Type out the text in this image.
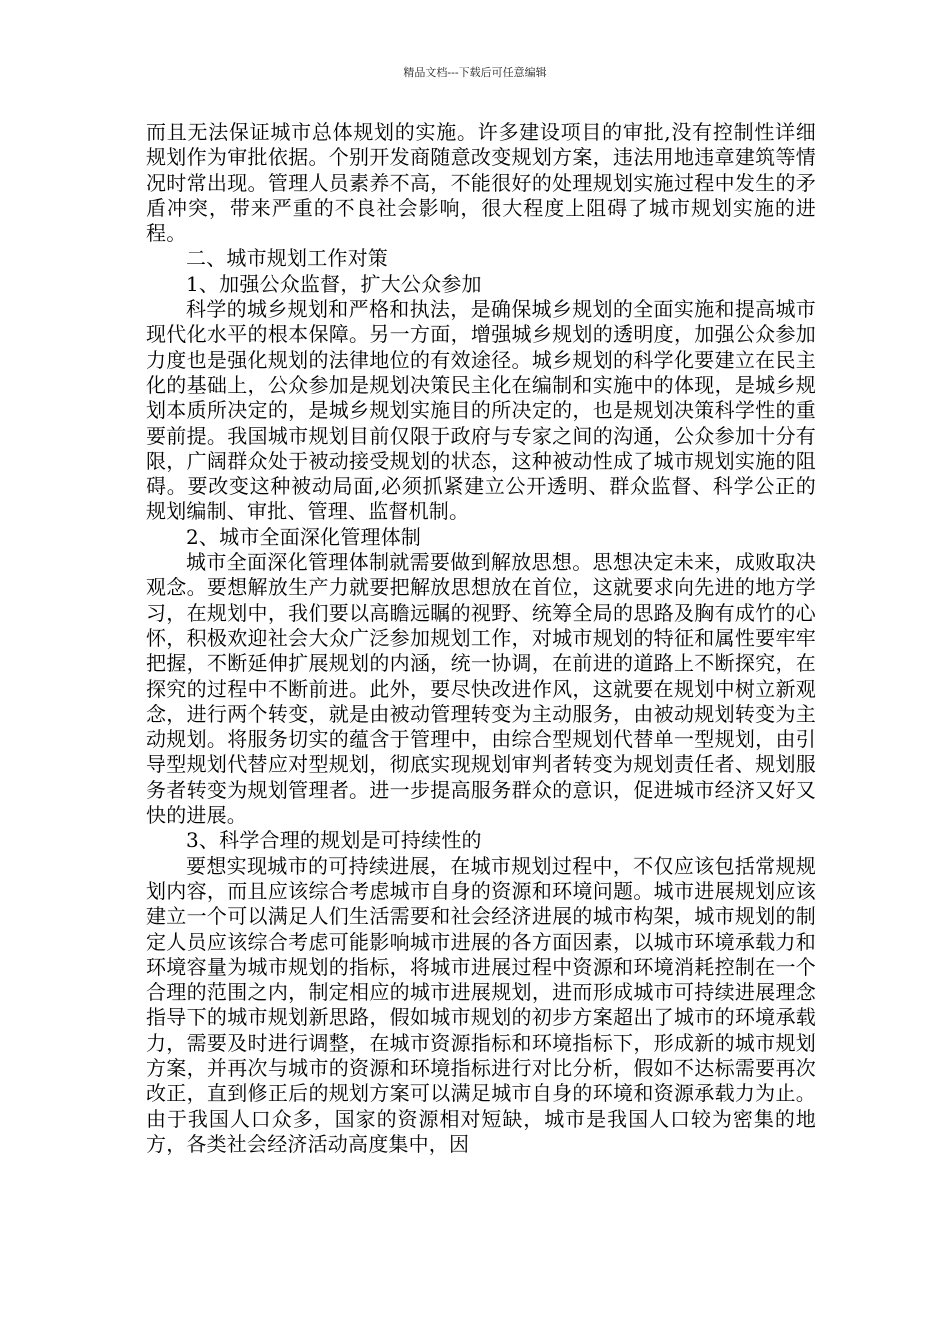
精品文档---下载后可任意编辑

而且无法保证城市总体规划的实施。许多建设项目的审批,没有控制性详细规划作为审批依据。个别开发商随意改变规划方案，违法用地违章建筑等情况时常出现。管理人员素养不高，不能很好的处理规划实施过程中发生的矛盾冲突，带来严重的不良社会影响，很大程度上阻碍了城市规划实施的进程。

二、城市规划工作对策

1、加强公众监督，扩大公众参加

科学的城乡规划和严格和执法，是确保城乡规划的全面实施和提高城市现代化水平的根本保障。另一方面，增强城乡规划的透明度，加强公众参加力度也是强化规划的法律地位的有效途径。城乡规划的科学化要建立在民主化的基础上，公众参加是规划决策民主化在编制和实施中的体现，是城乡规划本质所决定的，是城乡规划实施目的所决定的，也是规划决策科学性的重要前提。我国城市规划目前仅限于政府与专家之间的沟通，公众参加十分有限，广阔群众处于被动接受规划的状态，这种被动性成了城市规划实施的阻碍。要改变这种被动局面,必须抓紧建立公开透明、群众监督、科学公正的规划编制、审批、管理、监督机制。

2、城市全面深化管理体制

城市全面深化管理体制就需要做到解放思想。思想决定未来，成败取决观念。要想解放生产力就要把解放思想放在首位，这就要求向先进的地方学习，在规划中，我们要以高瞻远瞩的视野、统筹全局的思路及胸有成竹的心怀，积极欢迎社会大众广泛参加规划工作，对城市规划的特征和属性要牢牢把握，不断延伸扩展规划的内涵，统一协调，在前进的道路上不断探究，在探究的过程中不断前进。此外，要尽快改进作风，这就要在规划中树立新观念，进行两个转变，就是由被动管理转变为主动服务，由被动规划转变为主动规划。将服务切实的蕴含于管理中，由综合型规划代替单一型规划，由引导型规划代替应对型规划，彻底实现规划审判者转变为规划责任者、规划服务者转变为规划管理者。进一步提高服务群众的意识，促进城市经济又好又快的进展。

3、科学合理的规划是可持续性的

要想实现城市的可持续进展，在城市规划过程中，不仅应该包括常规规划内容，而且应该综合考虑城市自身的资源和环境问题。城市进展规划应该建立一个可以满足人们生活需要和社会经济进展的城市构架，城市规划的制定人员应该综合考虑可能影响城市进展的各方面因素，以城市环境承载力和环境容量为城市规划的指标，将城市进展过程中资源和环境消耗控制在一个合理的范围之内，制定相应的城市进展规划，进而形成城市可持续进展理念指导下的城市规划新思路，假如城市规划的初步方案超出了城市的环境承载力，需要及时进行调整，在城市资源指标和环境指标下，形成新的城市规划方案，并再次与城市的资源和环境指标进行对比分析，假如不达标需要再次改正，直到修正后的规划方案可以满足城市自身的环境和资源承载力为止。由于我国人口众多，国家的资源相对短缺，城市是我国人口较为密集的地方，各类社会经济活动高度集中，因
